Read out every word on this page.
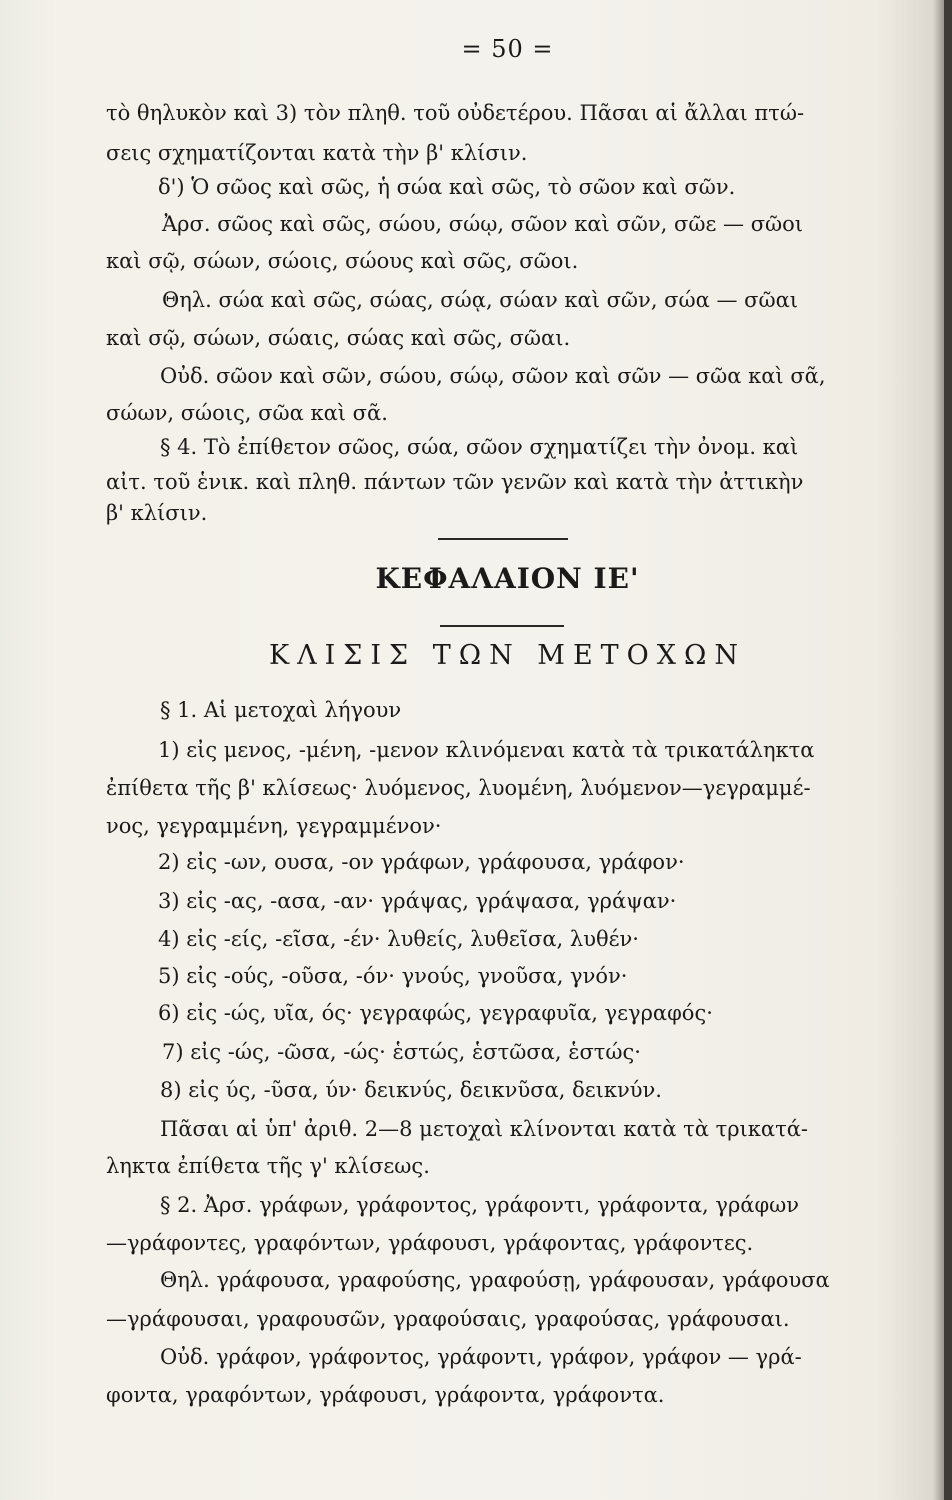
= 50 =
τὸ θηλυκὸν καὶ 3) τὸν πληθ. τοῦ οὐδετέρου. Πᾶσαι αἱ ἄλλαι πτώ-
σεις σχηματίζονται κατὰ τὴν β' κλίσιν.
δ') Ὁ σῶος καὶ σῶς, ἡ σώα καὶ σῶς, τὸ σῶον καὶ σῶν.
Ἀρσ. σῶος καὶ σῶς, σώου, σώῳ, σῶον καὶ σῶν, σῶε — σῶοι
καὶ σῷ, σώων, σώοις, σώους καὶ σῶς, σῶοι.
Θηλ. σώα καὶ σῶς, σώας, σώᾳ, σώαν καὶ σῶν, σώα — σῶαι
καὶ σῷ, σώων, σώαις, σώας καὶ σῶς, σῶαι.
Οὐδ. σῶον καὶ σῶν, σώου, σώῳ, σῶον καὶ σῶν — σῶα καὶ σᾶ,
σώων, σώοις, σῶα καὶ σᾶ.
§ 4. Τὸ ἐπίθετον σῶος, σώα, σῶον σχηματίζει τὴν ὀνομ. καὶ
αἰτ. τοῦ ἑνικ. καὶ πληθ. πάντων τῶν γενῶν καὶ κατὰ τὴν ἀττικὴν
β' κλίσιν.
ΚΕΦΑΛΑΙΟΝ ΙΕ'
ΚΛΙΣΙΣ ΤΩΝ ΜΕΤΟΧΩΝ
§ 1. Αἱ μετοχαὶ λήγουν
1) εἰς μενος, -μένη, -μενον κλινόμεναι κατὰ τὰ τρικατάληκτα
ἐπίθετα τῆς β' κλίσεως· λυόμενος, λυομένη, λυόμενον—γεγραμμέ-
νος, γεγραμμένη, γεγραμμένον·
2) εἰς -ων, ουσα, -ον γράφων, γράφουσα, γράφον·
3) εἰς -ας, -ασα, -αν· γράψας, γράψασα, γράψαν·
4) εἰς -είς, -εῖσα, -έν· λυθείς, λυθεῖσα, λυθέν·
5) εἰς -ούς, -οῦσα, -όν· γνούς, γνοῦσα, γνόν·
6) εἰς -ώς, υῖα, ός· γεγραφώς, γεγραφυῖα, γεγραφός·
7) εἰς -ώς, -ῶσα, -ώς· ἑστώς, ἑστῶσα, ἑστώς·
8) εἰς ύς, -ῦσα, ύν· δεικνύς, δεικνῦσα, δεικνύν.
Πᾶσαι αἱ ὑπ' ἀριθ. 2—8 μετοχαὶ κλίνονται κατὰ τὰ τρικατά-
ληκτα ἐπίθετα τῆς γ' κλίσεως.
§ 2. Ἀρσ. γράφων, γράφοντος, γράφοντι, γράφοντα, γράφων
—γράφοντες, γραφόντων, γράφουσι, γράφοντας, γράφοντες.
Θηλ. γράφουσα, γραφούσης, γραφούσῃ, γράφουσαν, γράφουσα
—γράφουσαι, γραφουσῶν, γραφούσαις, γραφούσας, γράφουσαι.
Οὐδ. γράφον, γράφοντος, γράφοντι, γράφον, γράφον — γρά-
φοντα, γραφόντων, γράφουσι, γράφοντα, γράφοντα.
